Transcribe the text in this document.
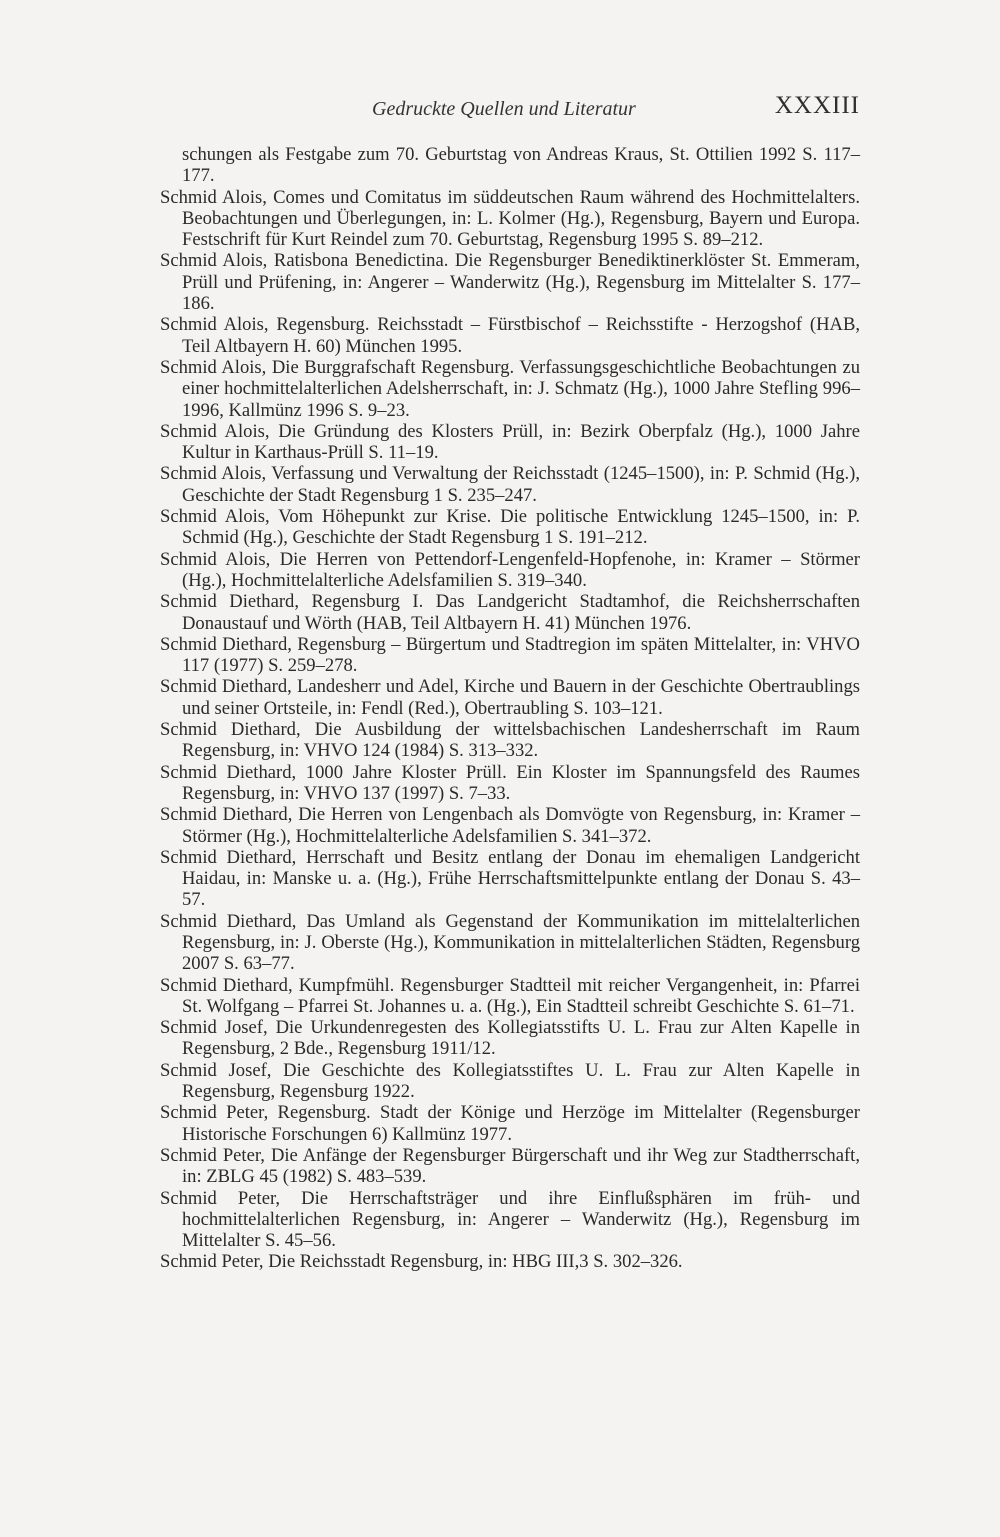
Gedruckte Quellen und Literatur	XXXIII

schungen als Festgabe zum 70. Geburtstag von Andreas Kraus, St. Ottilien 1992 S. 117–177.

Schmid Alois, Comes und Comitatus im süddeutschen Raum während des Hochmittelalters. Beobachtungen und Überlegungen, in: L. Kolmer (Hg.), Regensburg, Bayern und Europa. Festschrift für Kurt Reindel zum 70. Geburtstag, Regensburg 1995 S. 89–212.

Schmid Alois, Ratisbona Benedictina. Die Regensburger Benediktinerklöster St. Emmeram, Prüll und Prüfening, in: Angerer – Wanderwitz (Hg.), Regensburg im Mittelalter S. 177–186.

Schmid Alois, Regensburg. Reichsstadt – Fürstbischof – Reichsstifte - Herzogshof (HAB, Teil Altbayern H. 60) München 1995.

Schmid Alois, Die Burggrafschaft Regensburg. Verfassungsgeschichtliche Beobachtungen zu einer hochmittelalterlichen Adelsherrschaft, in: J. Schmatz (Hg.), 1000 Jahre Stefling 996–1996, Kallmünz 1996 S. 9–23.

Schmid Alois, Die Gründung des Klosters Prüll, in: Bezirk Oberpfalz (Hg.), 1000 Jahre Kultur in Karthaus-Prüll S. 11–19.

Schmid Alois, Verfassung und Verwaltung der Reichsstadt (1245–1500), in: P. Schmid (Hg.), Geschichte der Stadt Regensburg 1 S. 235–247.

Schmid Alois, Vom Höhepunkt zur Krise. Die politische Entwicklung 1245–1500, in: P. Schmid (Hg.), Geschichte der Stadt Regensburg 1 S. 191–212.

Schmid Alois, Die Herren von Pettendorf-Lengenfeld-Hopfenohe, in: Kramer – Störmer (Hg.), Hochmittelalterliche Adelsfamilien S. 319–340.

Schmid Diethard, Regensburg I. Das Landgericht Stadtamhof, die Reichsherrschaften Donaustauf und Wörth (HAB, Teil Altbayern H. 41) München 1976.

Schmid Diethard, Regensburg – Bürgertum und Stadtregion im späten Mittelalter, in: VHVO 117 (1977) S. 259–278.

Schmid Diethard, Landesherr und Adel, Kirche und Bauern in der Geschichte Obertraublings und seiner Ortsteile, in: Fendl (Red.), Obertraubling S. 103–121.

Schmid Diethard, Die Ausbildung der wittelsbachischen Landesherrschaft im Raum Regensburg, in: VHVO 124 (1984) S. 313–332.

Schmid Diethard, 1000 Jahre Kloster Prüll. Ein Kloster im Spannungsfeld des Raumes Regensburg, in: VHVO 137 (1997) S. 7–33.

Schmid Diethard, Die Herren von Lengenbach als Domvögte von Regensburg, in: Kramer – Störmer (Hg.), Hochmittelalterliche Adelsfamilien S. 341–372.

Schmid Diethard, Herrschaft und Besitz entlang der Donau im ehemaligen Landgericht Haidau, in: Manske u. a. (Hg.), Frühe Herrschaftsmittelpunkte entlang der Donau S. 43–57.

Schmid Diethard, Das Umland als Gegenstand der Kommunikation im mittelalterlichen Regensburg, in: J. Oberste (Hg.), Kommunikation in mittelalterlichen Städten, Regensburg 2007 S. 63–77.

Schmid Diethard, Kumpfmühl. Regensburger Stadtteil mit reicher Vergangenheit, in: Pfarrei St. Wolfgang – Pfarrei St. Johannes u. a. (Hg.), Ein Stadtteil schreibt Geschichte S. 61–71.

Schmid Josef, Die Urkundenregesten des Kollegiatsstifts U. L. Frau zur Alten Kapelle in Regensburg, 2 Bde., Regensburg 1911/12.

Schmid Josef, Die Geschichte des Kollegiatsstiftes U. L. Frau zur Alten Kapelle in Regensburg, Regensburg 1922.

Schmid Peter, Regensburg. Stadt der Könige und Herzöge im Mittelalter (Regensburger Historische Forschungen 6) Kallmünz 1977.

Schmid Peter, Die Anfänge der Regensburger Bürgerschaft und ihr Weg zur Stadtherrschaft, in: ZBLG 45 (1982) S. 483–539.

Schmid Peter, Die Herrschaftsträger und ihre Einflußsphären im früh- und hochmittelalterlichen Regensburg, in: Angerer – Wanderwitz (Hg.), Regensburg im Mittelalter S. 45–56.

Schmid Peter, Die Reichsstadt Regensburg, in: HBG III,3 S. 302–326.
